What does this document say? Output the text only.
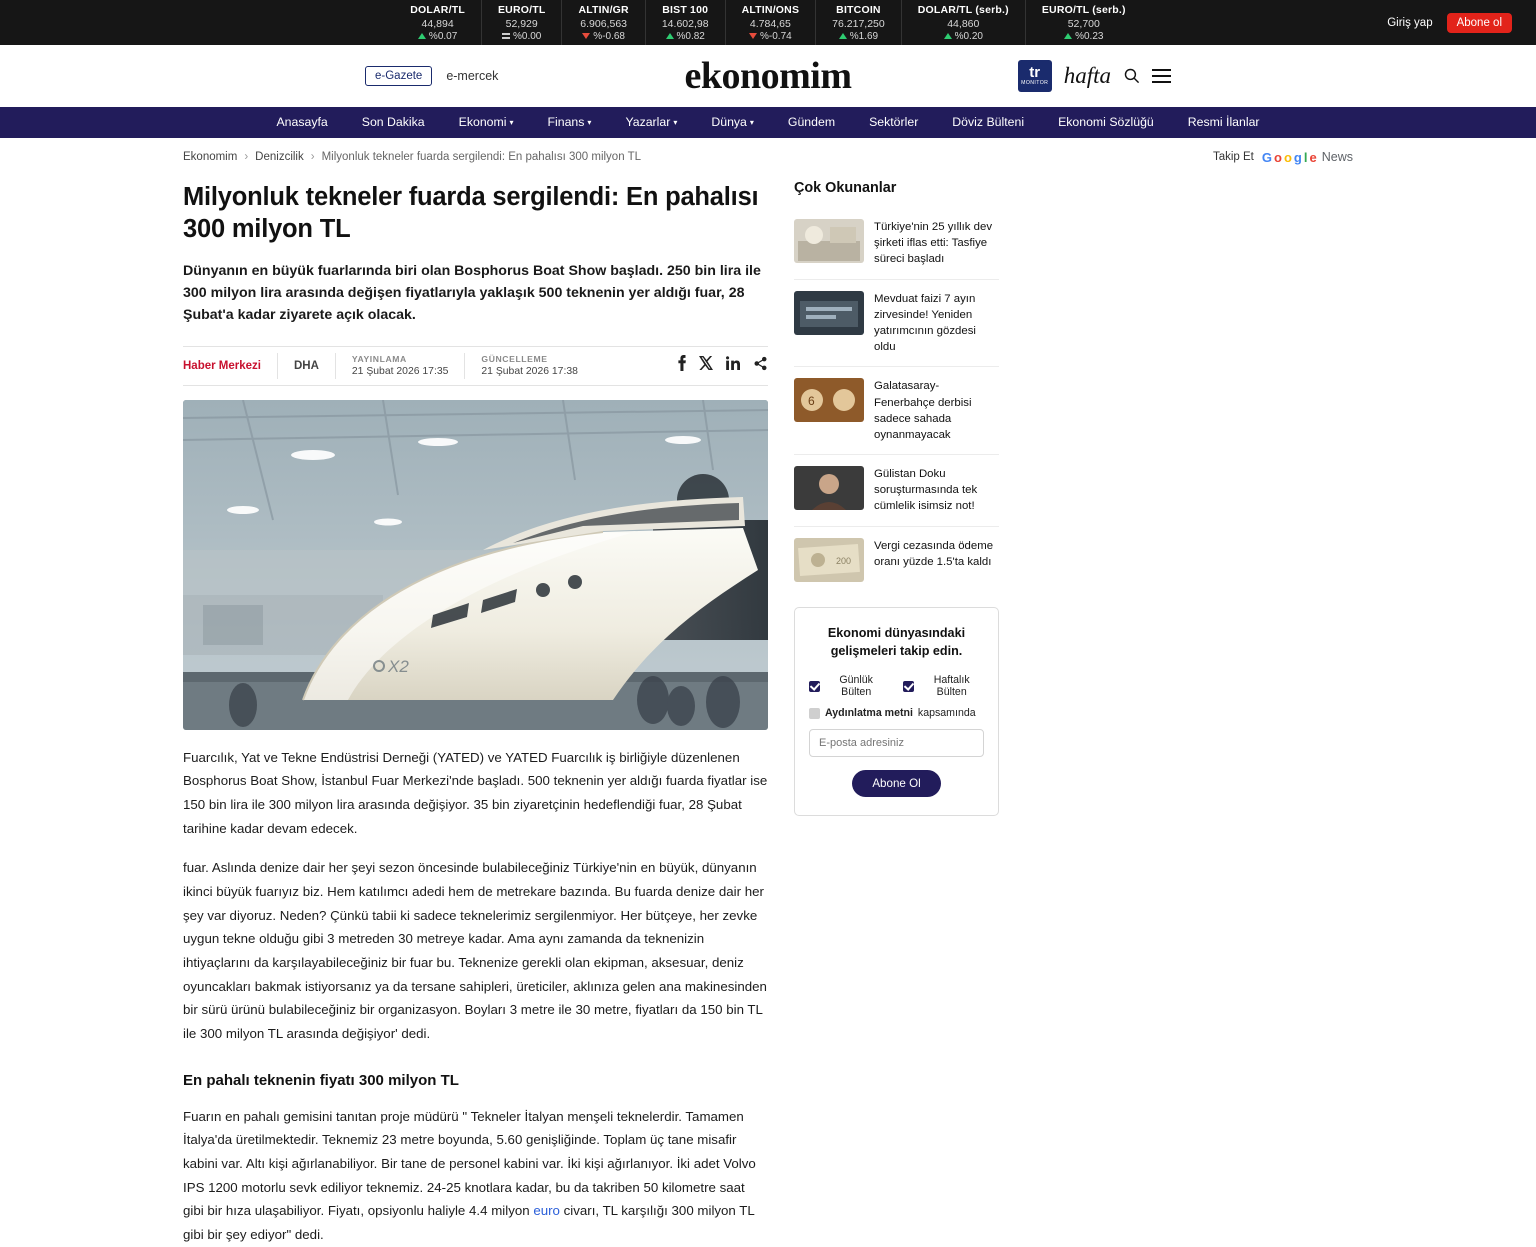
DOLAR/TL
44,894
%0.07
EURO/TL
52,929
%0.00
ALTIN/GR
6.906,563
%-0.68
BIST 100
14.602,98
%0.82
ALTIN/ONS
4.784,65
%-0.74
BITCOIN
76.217,250
%1.69
DOLAR/TL (serb.)
44,860
%0.20
EURO/TL (serb.)
52,700
%0.23
Giriş yap	Abone ol
e-Gazete	e-mercek	ekonomim	tr
MONITOR hafta
Anasayfa	Son Dakika	Ekonomi ▾	Finans ▾	Yazarlar ▾	Dünya ▾	Gündem	Sektörler	Döviz Bülteni	Ekonomi Sözlüğü	Resmi İlanlar
Ekonomim › Denizcilik › Milyonluk tekneler fuarda sergilendi: En pahalısı 300 milyon TL	Takip Et G o o g l e News
Milyonluk tekneler fuarda sergilendi: En pahalısı 300 milyon TL

Dünyanın en büyük fuarlarında biri olan Bosphorus Boat Show başladı. 250 bin lira ile 300 milyon lira arasında değişen fiyatlarıyla yaklaşık 500 teknenin yer aldığı fuar, 28 Şubat'a kadar ziyarete açık olacak.

Haber Merkezi	DHA
YAYINLAMA
21 Şubat 2026 17:35
GÜNCELLEME
21 Şubat 2026 17:38
X2

Fuarcılık, Yat ve Tekne Endüstrisi Derneği (YATED) ve YATED Fuarcılık iş birliğiyle düzenlenen Bosphorus Boat Show, İstanbul Fuar Merkezi'nde başladı. 500 teknenin yer aldığı fuarda fiyatlar ise 150 bin lira ile 300 milyon lira arasında değişiyor. 35 bin ziyaretçinin hedeflendiği fuar, 28 Şubat tarihine kadar devam edecek.

fuar. Aslında denize dair her şeyi sezon öncesinde bulabileceğiniz Türkiye'nin en büyük, dünyanın ikinci büyük fuarıyız biz. Hem katılımcı adedi hem de metrekare bazında. Bu fuarda denize dair her şey var diyoruz. Neden? Çünkü tabii ki sadece teknelerimiz sergilenmiyor. Her bütçeye, her zevke uygun tekne olduğu gibi 3 metreden 30 metreye kadar. Ama aynı zamanda da teknenizin ihtiyaçlarını da karşılayabileceğiniz bir fuar bu. Teknenize gerekli olan ekipman, aksesuar, deniz oyuncakları bakmak istiyorsanız ya da tersane sahipleri, üreticiler, aklınıza gelen ana makinesinden bir sürü ürünü bulabileceğiniz bir organizasyon. Boyları 3 metre ile 30 metre, fiyatları da 150 bin TL ile 300 milyon TL arasında değişiyor' dedi.

En pahalı teknenin fiyatı 300 milyon TL

Fuarın en pahalı gemisini tanıtan proje müdürü " Tekneler İtalyan menşeli teknelerdir. Tamamen İtalya'da üretilmektedir. Teknemiz 23 metre boyunda, 5.60 genişliğinde. Toplam üç tane misafir kabini var. Altı kişi ağırlanabiliyor. Bir tane de personel kabini var. İki kişi ağırlanıyor. İki adet Volvo IPS 1200 motorlu sevk ediliyor teknemiz. 24-25 knotlara kadar, bu da takriben 50 kilometre saat gibi bir hıza ulaşabiliyor. Fiyatı, opsiyonlu haliyle 4.4 milyon euro civarı, TL karşılığı 300 milyon TL gibi bir şey ediyor" dedi.

Çok Okunanlar
Türkiye'nin 25 yıllık dev şirketi iflas etti: Tasfiye süreci başladı
Mevduat faizi 7 ayın zirvesinde! Yeniden yatırımcının gözdesi oldu
6
Galatasaray-Fenerbahçe derbisi sadece sahada oynanmayacak
Gülistan Doku soruşturmasında tek cümlelik isimsiz not!
200
Vergi cezasında ödeme oranı yüzde 1.5'ta kaldı
Ekonomi dünyasındaki gelişmeleri takip edin.
Günlük Bülten
Haftalık Bülten
Aydınlatma metni kapsamında
E-posta adresiniz
Abone Ol
